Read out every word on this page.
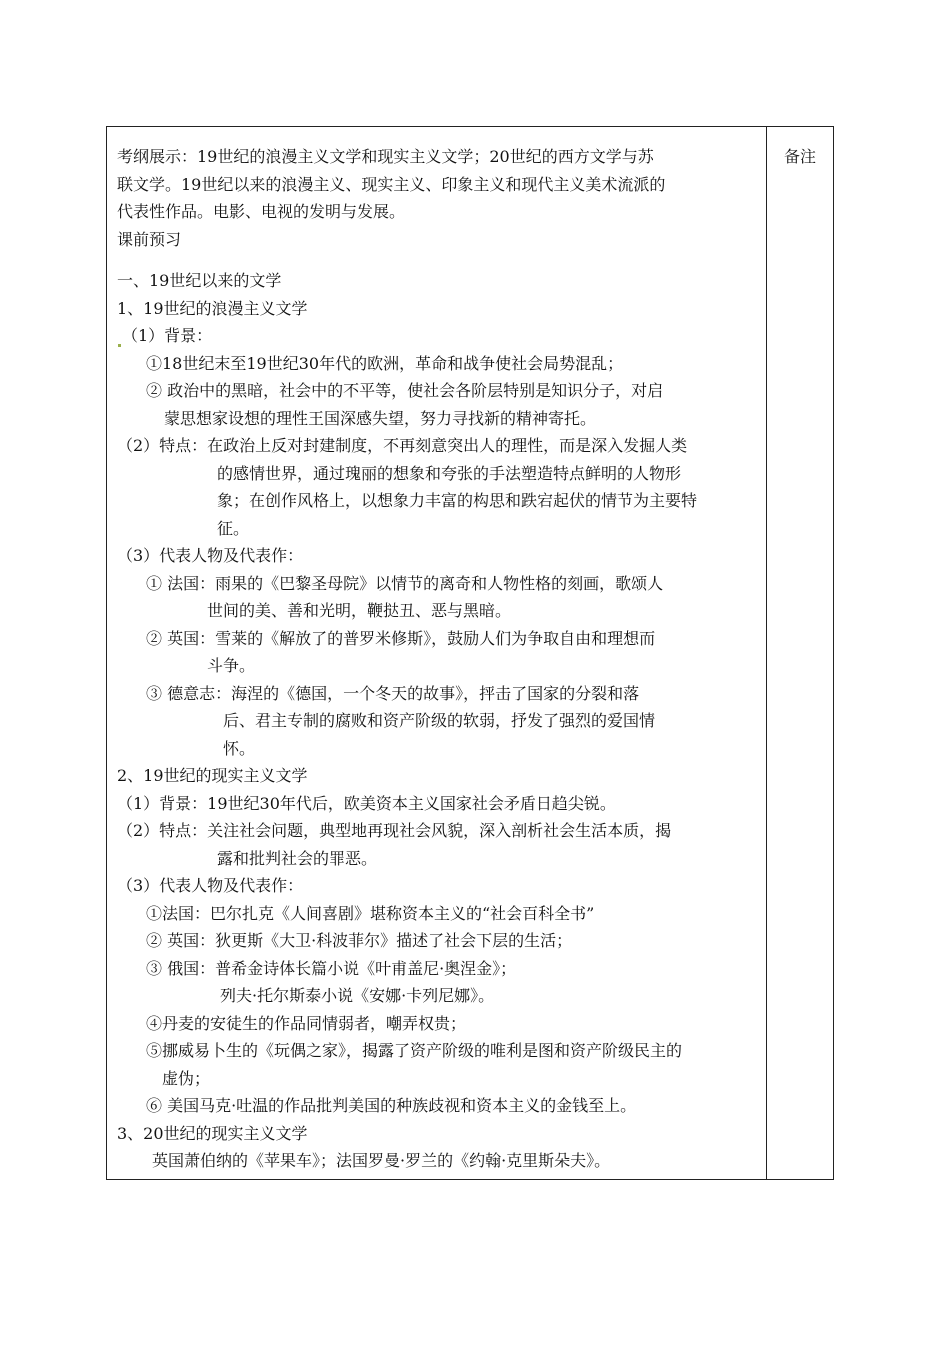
备注
考纲展示：19世纪的浪漫主义文学和现实主义文学；20世纪的西方文学与苏
联文学。19世纪以来的浪漫主义、现实主义、印象主义和现代主义美术流派的
代表性作品。电影、电视的发明与发展。
课前预习
一、19世纪以来的文学
1、19世纪的浪漫主义文学
（1）背景：
①18世纪末至19世纪30年代的欧洲，革命和战争使社会局势混乱；
② 政治中的黑暗，社会中的不平等，使社会各阶层特别是知识分子，对启
蒙思想家设想的理性王国深感失望，努力寻找新的精神寄托。
（2）特点：在政治上反对封建制度，不再刻意突出人的理性，而是深入发掘人类
的感情世界，通过瑰丽的想象和夸张的手法塑造特点鲜明的人物形
象；在创作风格上，以想象力丰富的构思和跌宕起伏的情节为主要特
征。
（3）代表人物及代表作：
① 法国：雨果的《巴黎圣母院》以情节的离奇和人物性格的刻画，歌颂人
世间的美、善和光明，鞭挞丑、恶与黑暗。
② 英国：雪莱的《解放了的普罗米修斯》，鼓励人们为争取自由和理想而
斗争。
③ 德意志：海涅的《德国，一个冬天的故事》，抨击了国家的分裂和落
后、君主专制的腐败和资产阶级的软弱，抒发了强烈的爱国情
怀。
2、19世纪的现实主义文学
（1）背景：19世纪30年代后，欧美资本主义国家社会矛盾日趋尖锐。
（2）特点：关注社会问题，典型地再现社会风貌，深入剖析社会生活本质，揭
露和批判社会的罪恶。
（3）代表人物及代表作：
①法国：巴尔扎克《人间喜剧》堪称资本主义的“社会百科全书”
② 英国：狄更斯《大卫·科波菲尔》描述了社会下层的生活；
③ 俄国：普希金诗体长篇小说《叶甫盖尼·奥涅金》；
列夫·托尔斯泰小说《安娜·卡列尼娜》。
④丹麦的安徒生的作品同情弱者，嘲弄权贵；
⑤挪威易卜生的《玩偶之家》，揭露了资产阶级的唯利是图和资产阶级民主的
虚伪；
⑥ 美国马克·吐温的作品批判美国的种族歧视和资本主义的金钱至上。
3、20世纪的现实主义文学
英国萧伯纳的《苹果车》；法国罗曼·罗兰的《约翰·克里斯朵夫》。
